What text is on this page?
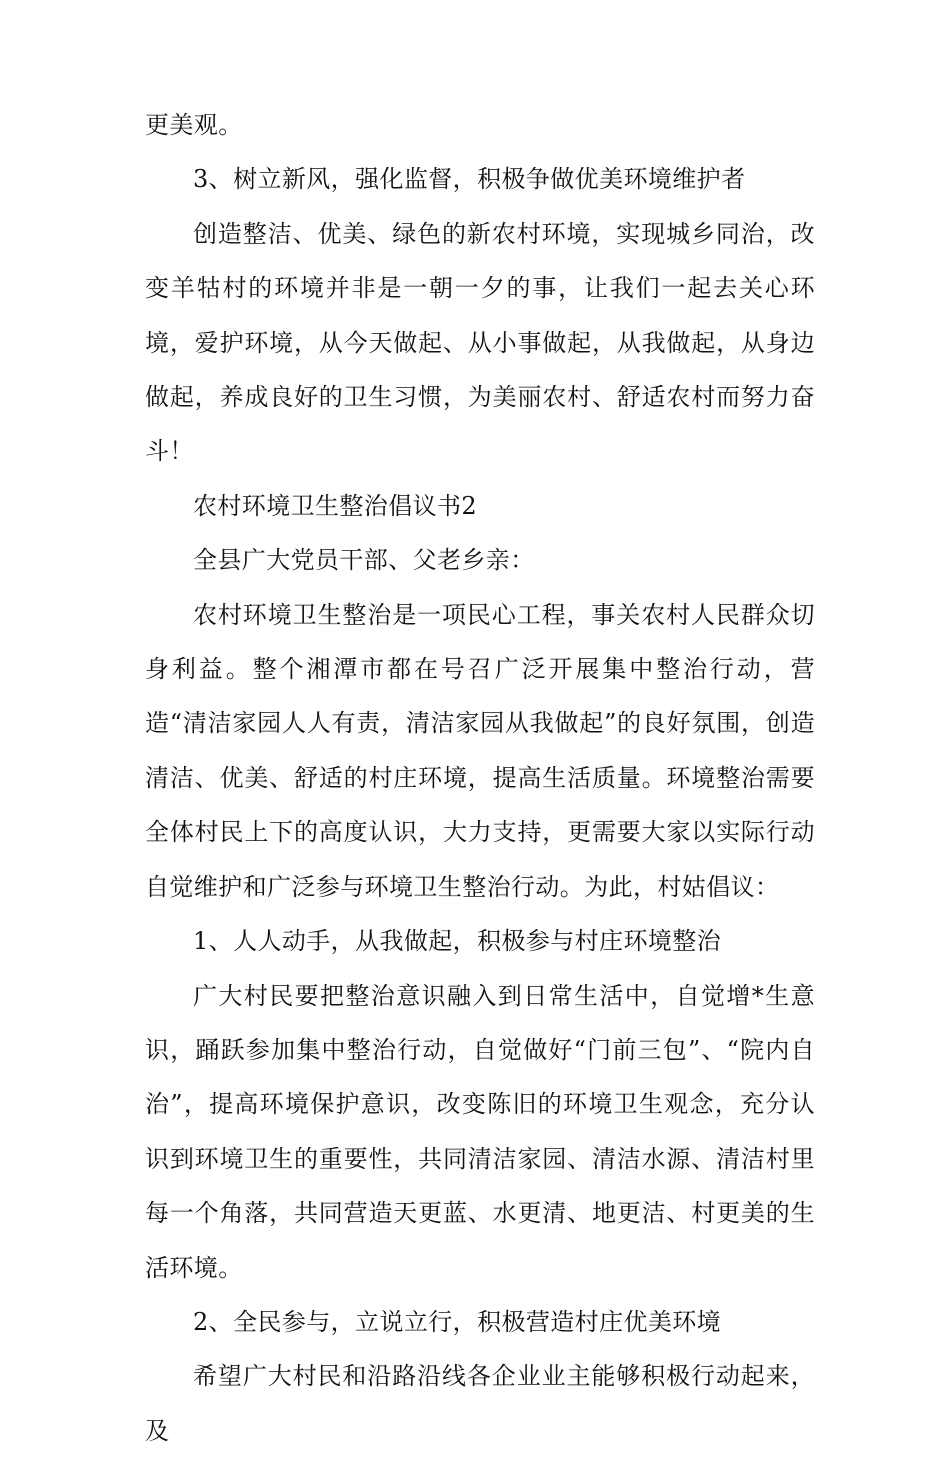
更美观。

3、树立新风，强化监督，积极争做优美环境维护者

创造整洁、优美、绿色的新农村环境，实现城乡同治，改变羊牯村的环境并非是一朝一夕的事，让我们一起去关心环境，爱护环境，从今天做起、从小事做起，从我做起，从身边做起，养成良好的卫生习惯，为美丽农村、舒适农村而努力奋斗！

农村环境卫生整治倡议书2

全县广大党员干部、父老乡亲：

农村环境卫生整治是一项民心工程，事关农村人民群众切身利益。整个湘潭市都在号召广泛开展集中整治行动，营造“清洁家园人人有责，清洁家园从我做起”的良好氛围，创造清洁、优美、舒适的村庄环境，提高生活质量。环境整治需要全体村民上下的高度认识，大力支持，更需要大家以实际行动自觉维护和广泛参与环境卫生整治行动。为此，村姑倡议：

1、人人动手，从我做起，积极参与村庄环境整治

广大村民要把整治意识融入到日常生活中，自觉增*生意识，踊跃参加集中整治行动，自觉做好“门前三包”、“院内自治”，提高环境保护意识，改变陈旧的环境卫生观念，充分认识到环境卫生的重要性，共同清洁家园、清洁水源、清洁村里每一个角落，共同营造天更蓝、水更清、地更洁、村更美的生活环境。

2、全民参与，立说立行，积极营造村庄优美环境

希望广大村民和沿路沿线各企业业主能够积极行动起来，及
